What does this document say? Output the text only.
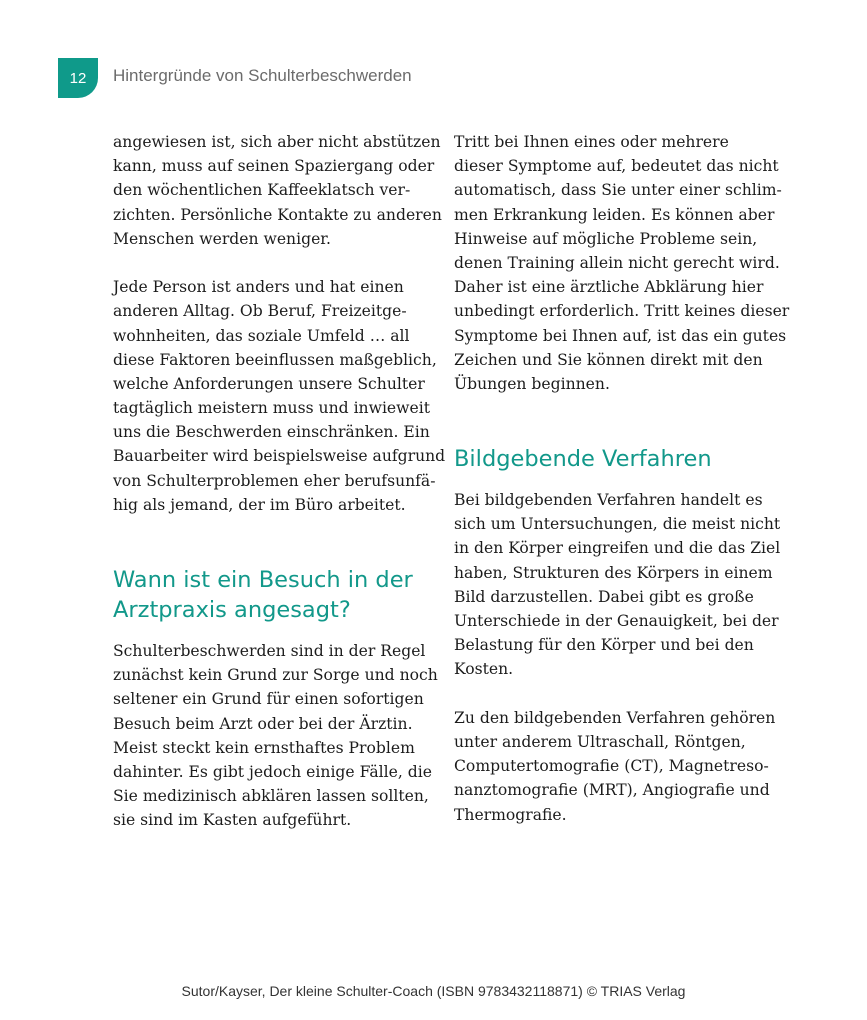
12 Hintergründe von Schulterbeschwerden
angewiesen ist, sich aber nicht abstützen
kann, muss auf seinen Spaziergang oder
den wöchentlichen Kaffeeklatsch ver-
zichten. Persönliche Kontakte zu anderen
Menschen werden weniger.
Jede Person ist anders und hat einen
anderen Alltag. Ob Beruf, Freizeitge-
wohnheiten, das soziale Umfeld … all
diese Faktoren beeinflussen maßgeblich,
welche Anforderungen unsere Schulter
tagtäglich meistern muss und inwieweit
uns die Beschwerden einschränken. Ein
Bauarbeiter wird beispielsweise aufgrund
von Schulterproblemen eher berufsunfä-
hig als jemand, der im Büro arbeitet.
Wann ist ein Besuch in der
Arztpraxis angesagt?
Schulterbeschwerden sind in der Regel
zunächst kein Grund zur Sorge und noch
seltener ein Grund für einen sofortigen
Besuch beim Arzt oder bei der Ärztin.
Meist steckt kein ernsthaftes Problem
dahinter. Es gibt jedoch einige Fälle, die
Sie medizinisch abklären lassen sollten,
sie sind im Kasten aufgeführt.
Tritt bei Ihnen eines oder mehrere
dieser Symptome auf, bedeutet das nicht
automatisch, dass Sie unter einer schlim-
men Erkrankung leiden. Es können aber
Hinweise auf mögliche Probleme sein,
denen Training allein nicht gerecht wird.
Daher ist eine ärztliche Abklärung hier
unbedingt erforderlich. Tritt keines dieser
Symptome bei Ihnen auf, ist das ein gutes
Zeichen und Sie können direkt mit den
Übungen beginnen.
Bildgebende Verfahren
Bei bildgebenden Verfahren handelt es
sich um Untersuchungen, die meist nicht
in den Körper eingreifen und die das Ziel
haben, Strukturen des Körpers in einem
Bild darzustellen. Dabei gibt es große
Unterschiede in der Genauigkeit, bei der
Belastung für den Körper und bei den
Kosten.
Zu den bildgebenden Verfahren gehören
unter anderem Ultraschall, Röntgen,
Computertomografie (CT), Magnetreso-
nanztomografie (MRT), Angiografie und
Thermografie.
Sutor/Kayser, Der kleine Schulter-Coach (ISBN 9783432118871) © TRIAS Verlag
